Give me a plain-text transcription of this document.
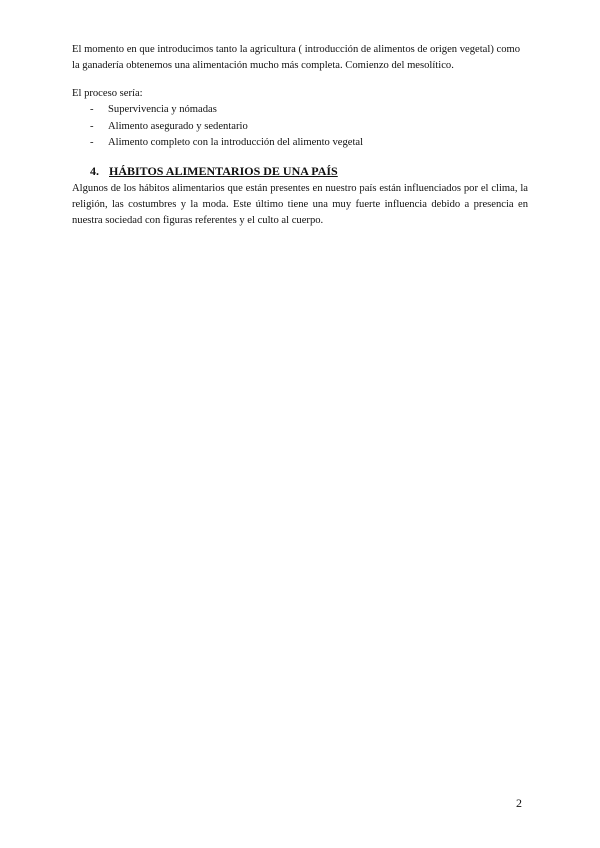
El momento en que introducimos tanto la agricultura ( introducción de alimentos de origen vegetal) como la ganadería obtenemos una alimentación mucho más completa. Comienzo del mesolítico.

El proceso sería:

- Supervivencia y nómadas
- Alimento asegurado y sedentario
- Alimento completo con la introducción del alimento vegetal
4. HÁBITOS ALIMENTARIOS DE UNA PAÍS

Algunos de los hábitos alimentarios que están presentes en nuestro país están influenciados por el clima, la religión, las costumbres y la moda. Este último tiene una muy fuerte influencia debido a presencia en nuestra sociedad con figuras referentes y el culto al cuerpo.

2
